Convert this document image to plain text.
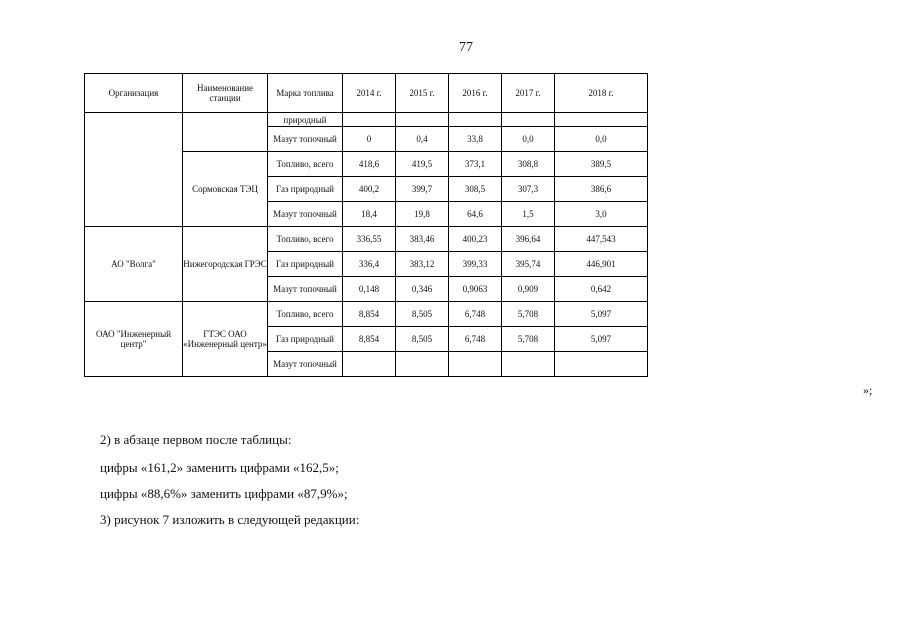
77
Организация	Наименование станции	Марка топлива	2014 г.	2015 г.	2016 г.	2017 г.	2018 г.
		природный					
		Мазут топочный	0	0,4	33,8	0,0	0,0
	Сормовская ТЭЦ	Топливо, всего	418,6	419,5	373,1	308,8	389,5
		Газ природный	400,2	399,7	308,5	307,3	386,6
		Мазут топочный	18,4	19,8	64,6	1,5	3,0
АО "Волга"	Нижегородская ГРЭС	Топливо, всего	336,55	383,46	400,23	396,64	447,543
		Газ природный	336,4	383,12	399,33	395,74	446,901
		Мазут топочный	0,148	0,346	0,9063	0,909	0,642
ОАО "Инженерный центр"	ГТЭС ОАО «Инженерный центр»	Топливо, всего	8,854	8,505	6,748	5,708	5,097
		Газ природный	8,854	8,505	6,748	5,708	5,097
		Мазут топочный					
»;
2) в абзаце первом после таблицы:
цифры «161,2» заменить цифрами «162,5»;
цифры «88,6%» заменить цифрами «87,9%»;
3) рисунок 7 изложить в следующей редакции:
